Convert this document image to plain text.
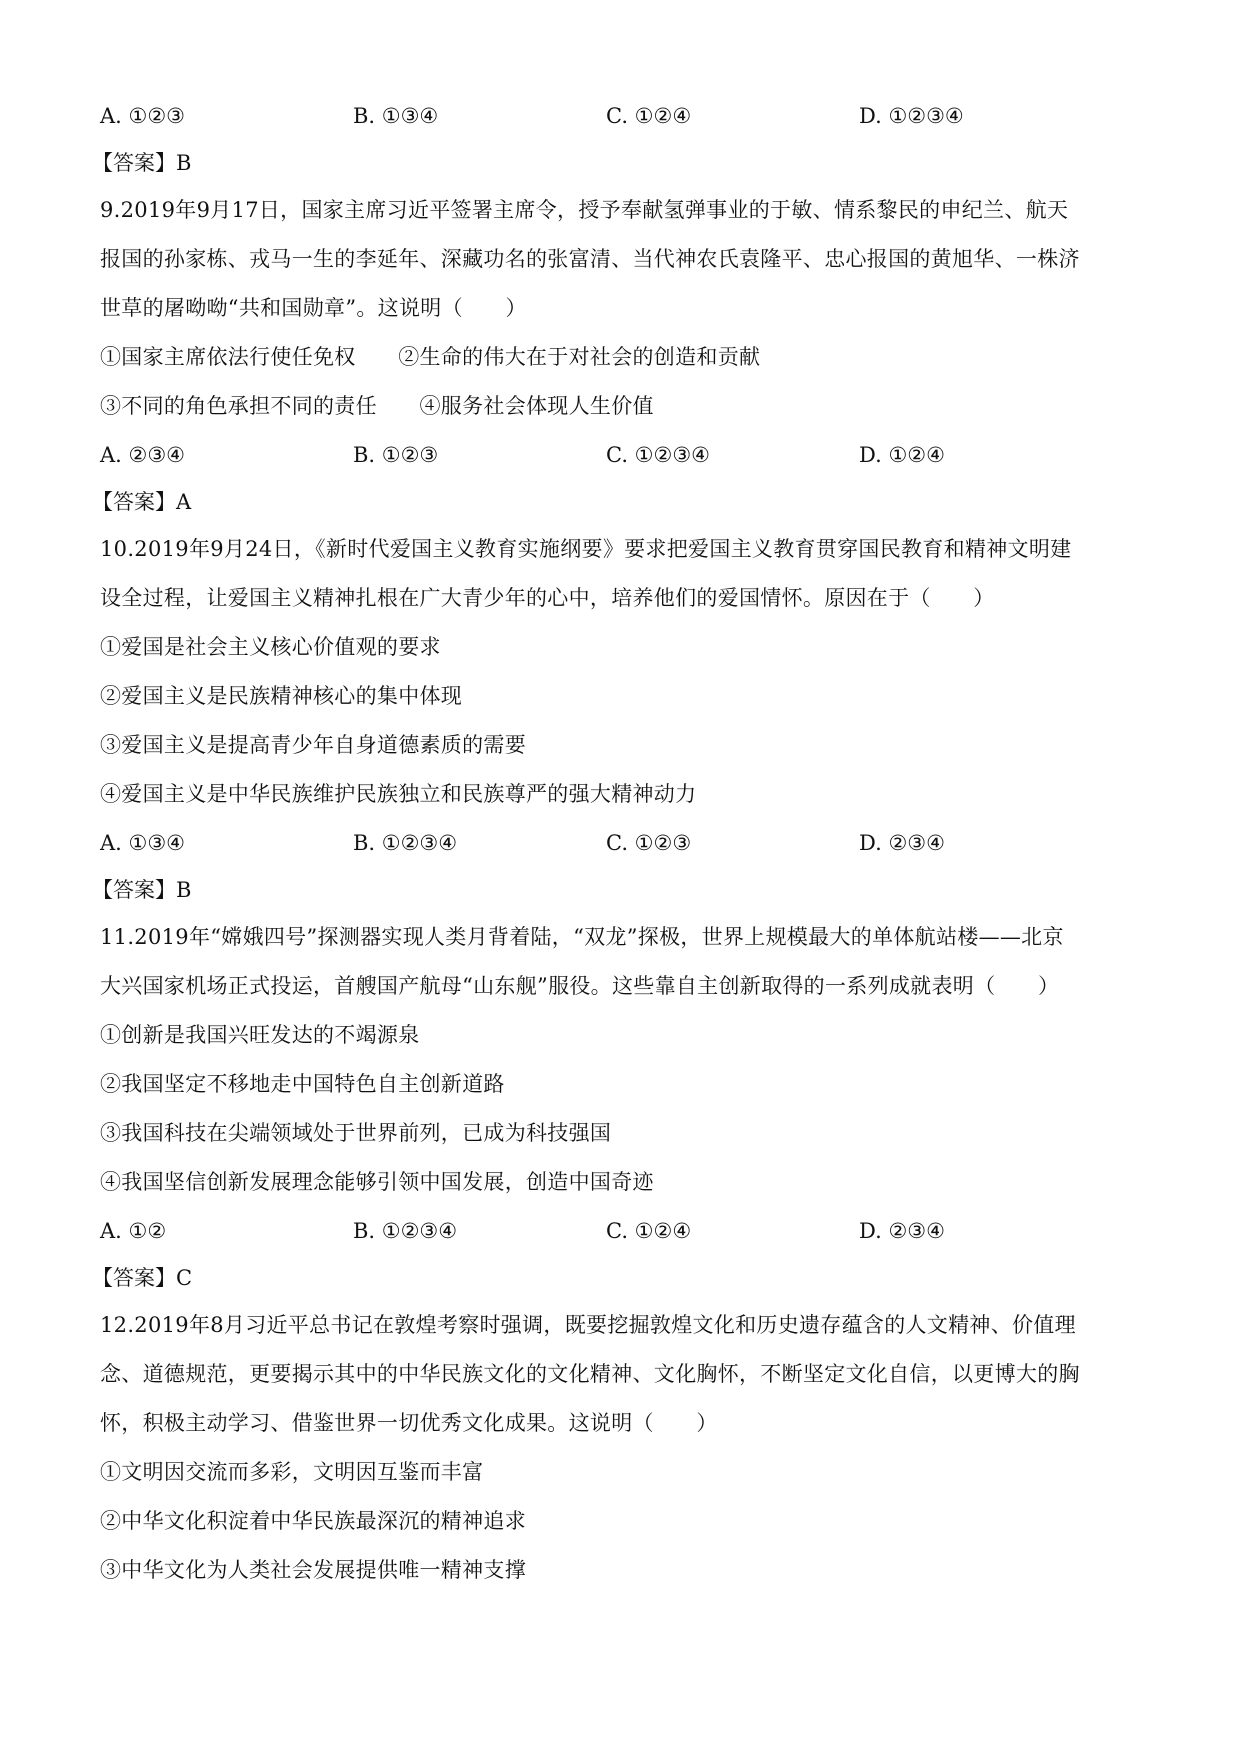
A. ①②③	B. ①③④	C. ①②④	D. ①②③④
【答案】B
9.2019年9月17日，国家主席习近平签署主席令，授予奉献氢弹事业的于敏、情系黎民的申纪兰、航天
报国的孙家栋、戎马一生的李延年、深藏功名的张富清、当代神农氏袁隆平、忠心报国的黄旭华、一株济
世草的屠呦呦“共和国勋章”。这说明（　　）
①国家主席依法行使任免权　　②生命的伟大在于对社会的创造和贡献
③不同的角色承担不同的责任　　④服务社会体现人生价值
A. ②③④	B. ①②③	C. ①②③④	D. ①②④
【答案】A
10.2019年9月24日，《新时代爱国主义教育实施纲要》要求把爱国主义教育贯穿国民教育和精神文明建
设全过程，让爱国主义精神扎根在广大青少年的心中，培养他们的爱国情怀。原因在于（　　）
①爱国是社会主义核心价值观的要求
②爱国主义是民族精神核心的集中体现
③爱国主义是提高青少年自身道德素质的需要
④爱国主义是中华民族维护民族独立和民族尊严的强大精神动力
A. ①③④	B. ①②③④	C. ①②③	D. ②③④
【答案】B
11.2019年“嫦娥四号”探测器实现人类月背着陆，“双龙”探极，世界上规模最大的单体航站楼——北京
大兴国家机场正式投运，首艘国产航母“山东舰”服役。这些靠自主创新取得的一系列成就表明（　　）
①创新是我国兴旺发达的不竭源泉
②我国坚定不移地走中国特色自主创新道路
③我国科技在尖端领域处于世界前列，已成为科技强国
④我国坚信创新发展理念能够引领中国发展，创造中国奇迹
A. ①②	B. ①②③④	C. ①②④	D. ②③④
【答案】C
12.2019年8月习近平总书记在敦煌考察时强调，既要挖掘敦煌文化和历史遗存蕴含的人文精神、价值理
念、道德规范，更要揭示其中的中华民族文化的文化精神、文化胸怀，不断坚定文化自信，以更博大的胸
怀，积极主动学习、借鉴世界一切优秀文化成果。这说明（　　）
①文明因交流而多彩，文明因互鉴而丰富
②中华文化积淀着中华民族最深沉的精神追求
③中华文化为人类社会发展提供唯一精神支撑
